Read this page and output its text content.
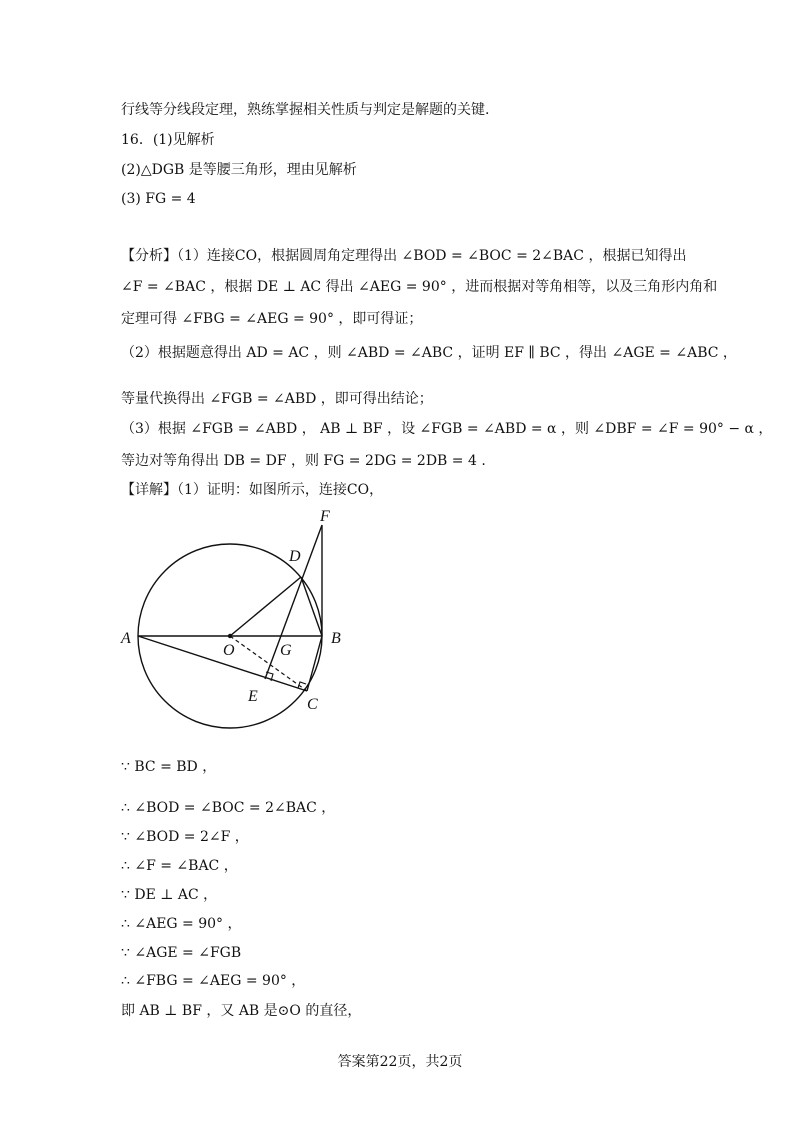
行线等分线段定理，熟练掌握相关性质与判定是解题的关键.
16．(1)见解析
(2)△DGB 是等腰三角形，理由见解析
(3) FG = 4
【分析】（1）连接CO，根据圆周角定理得出 ∠BOD = ∠BOC = 2∠BAC ，根据已知得出
∠F = ∠BAC ，根据 DE ⊥ AC 得出 ∠AEG = 90° ，进而根据对等角相等，以及三角形内角和
定理可得 ∠FBG = ∠AEG = 90° ，即可得证；
（2）根据题意得出 AD = AC ，则 ∠ABD = ∠ABC ，证明 EF ∥ BC ，得出 ∠AGE = ∠ABC ，
等量代换得出 ∠FGB = ∠ABD ，即可得出结论；
（3）根据 ∠FGB = ∠ABD ， AB ⊥ BF ，设 ∠FGB = ∠ABD = α ，则 ∠DBF = ∠F = 90° − α ，
等边对等角得出 DB = DF ，则 FG = 2DG = 2DB = 4 .
【详解】（1）证明：如图所示，连接CO，
A
O	G
B
D
F
E	C
∵ BC = BD ，
∴ ∠BOD = ∠BOC = 2∠BAC ，
∵ ∠BOD = 2∠F ，
∴ ∠F = ∠BAC ，
∵ DE ⊥ AC ，
∴ ∠AEG = 90° ，
∵ ∠AGE = ∠FGB
∴ ∠FBG = ∠AEG = 90° ，
即 AB ⊥ BF ，又 AB 是⊙O 的直径，
答案第22页，共2页
